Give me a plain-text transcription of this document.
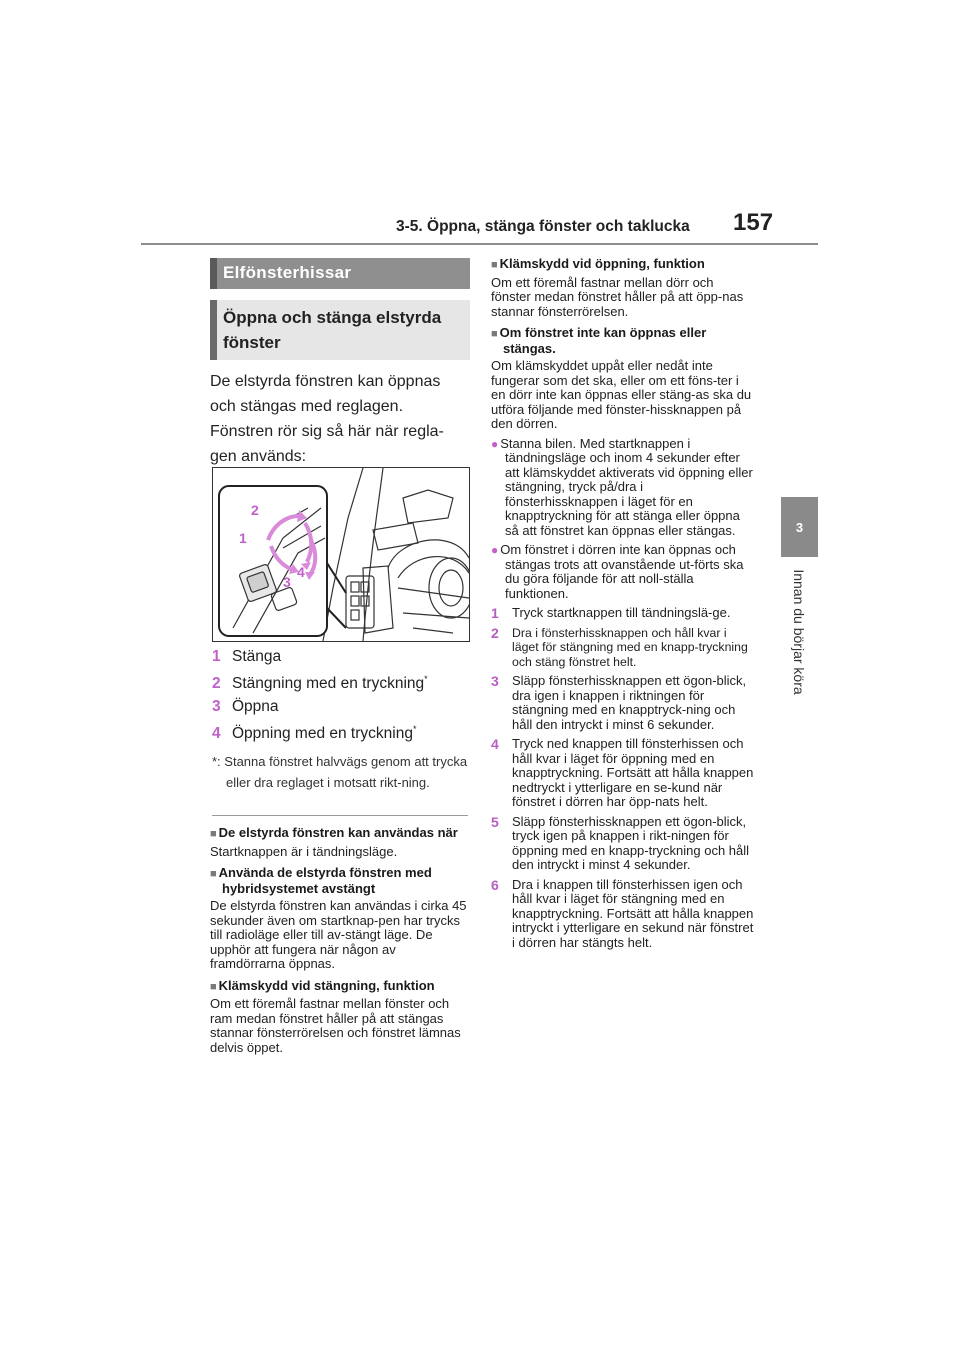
3-5. Öppna, stänga fönster och taklucka 157
3
Innan du börjar köra
Elfönsterhissar
Öppna och stänga elstyrda fönster

De elstyrda fönstren kan öppnas och stängas med reglagen. Fönstren rör sig så här när regla-gen används:

2
1
3
4
1 Stänga
2 Stängning med en tryckning*
3 Öppna
4 Öppning med en tryckning*
*: Stanna fönstret halvvägs genom att trycka eller dra reglaget i motsatt rikt-ning.
■ De elstyrda fönstren kan användas när
Startknappen är i tändningsläge.
■ Använda de elstyrda fönstren med hybridsystemet avstängt
De elstyrda fönstren kan användas i cirka 45 sekunder även om startknap-pen har trycks till radioläge eller till av-stängt läge. De upphör att fungera när någon av framdörrarna öppnas.
■ Klämskydd vid stängning, funktion
Om ett föremål fastnar mellan fönster och ram medan fönstret håller på att stängas stannar fönsterrörelsen och fönstret lämnas delvis öppet.
■ Klämskydd vid öppning, funktion
Om ett föremål fastnar mellan dörr och fönster medan fönstret håller på att öpp-nas stannar fönsterrörelsen.
■ Om fönstret inte kan öppnas eller stängas.
Om klämskyddet uppåt eller nedåt inte fungerar som det ska, eller om ett föns-ter i en dörr inte kan öppnas eller stäng-as ska du utföra följande med fönster-hissknappen på den dörren.
● Stanna bilen. Med startknappen i tändningsläge och inom 4 sekunder efter att klämskyddet aktiverats vid öppning eller stängning, tryck på/dra i fönsterhissknappen i läget för en knapptryckning för att stänga eller öppna så att fönstret kan öppnas eller stängas.
● Om fönstret i dörren inte kan öppnas och stängas trots att ovanstående ut-förts ska du göra följande för att noll-ställa funktionen.
1 Tryck startknappen till tändningslä-ge.
2 Dra i fönsterhissknappen och håll kvar i läget för stängning med en knapp-tryckning och stäng fönstret helt.
3 Släpp fönsterhissknappen ett ögon-blick, dra igen i knappen i riktningen för stängning med en knapptryck-ning och håll den intryckt i minst 6 sekunder.
4 Tryck ned knappen till fönsterhissen och håll kvar i läget för öppning med en knapptryckning. Fortsätt att hålla knappen nedtryckt i ytterligare en se-kund när fönstret i dörren har öpp-nats helt.
5 Släpp fönsterhissknappen ett ögon-blick, tryck igen på knappen i rikt-ningen för öppning med en knapp-tryckning och håll den intryckt i minst 4 sekunder.
6 Dra i knappen till fönsterhissen igen och håll kvar i läget för stängning med en knapptryckning. Fortsätt att hålla knappen intryckt i ytterligare en sekund när fönstret i dörren har stängts helt.
